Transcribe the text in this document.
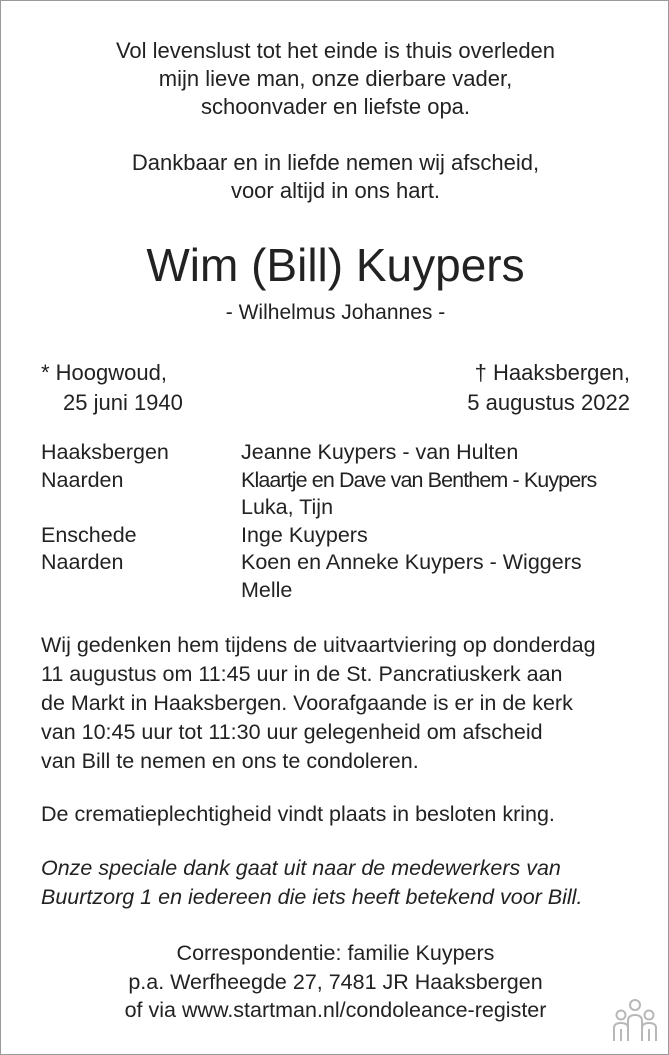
Vol levenslust tot het einde is thuis overleden
mijn lieve man, onze dierbare vader,
schoonvader en liefste opa.
Dankbaar en in liefde nemen wij afscheid,
voor altijd in ons hart.
Wim (Bill) Kuypers
- Wilhelmus Johannes -
* Hoogwoud,
25 juni 1940
† Haaksbergen,
5 augustus 2022
Haaksbergen	Jeanne Kuypers - van Hulten
Naarden	Klaartje en Dave van Benthem - Kuypers
Luka, Tijn
Enschede	Inge Kuypers
Naarden	Koen en Anneke Kuypers - Wiggers
Melle
Wij gedenken hem tijdens de uitvaartviering op donderdag
11 augustus om 11:45 uur in de St. Pancratiuskerk aan
de Markt in Haaksbergen. Voorafgaande is er in de kerk
van 10:45 uur tot 11:30 uur gelegenheid om afscheid
van Bill te nemen en ons te condoleren.
De crematieplechtigheid vindt plaats in besloten kring.
Onze speciale dank gaat uit naar de medewerkers van
Buurtzorg 1 en iedereen die iets heeft betekend voor Bill.
Correspondentie: familie Kuypers
p.a. Werfheegde 27, 7481 JR Haaksbergen
of via www.startman.nl/condoleance-register
